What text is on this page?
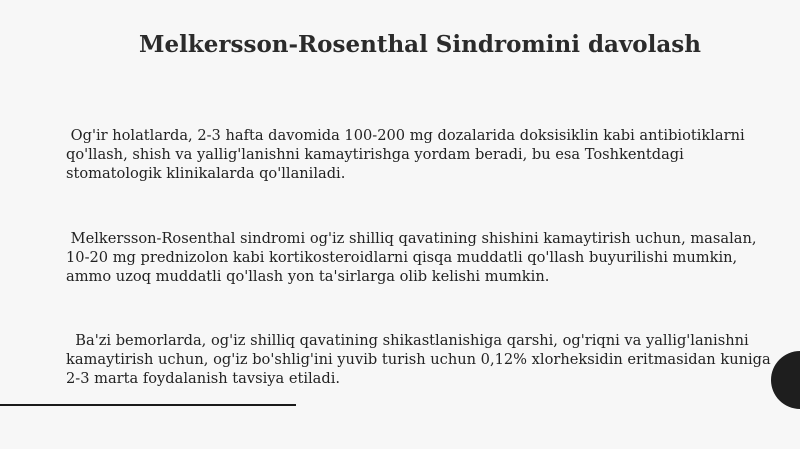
Melkersson-Rosenthal Sindromini davolash
Og'ir holatlarda, 2-3 hafta davomida 100-200 mg dozalarida doksisiklin kabi antibiotiklarni qo'llash, shish va yallig'lanishni kamaytirishga yordam beradi, bu esa Toshkentdagi stomatologik klinikalarda qo'llaniladi.
Melkersson-Rosenthal sindromi og'iz shilliq qavatining shishini kamaytirish uchun, masalan, 10-20 mg prednizolon kabi kortikosteroidlarni qisqa muddatli qo'llash buyurilishi mumkin, ammo uzoq muddatli qo'llash yon ta'sirlarga olib kelishi mumkin.
Ba'zi bemorlarda, og'iz shilliq qavatining shikastlanishiga qarshi, og'riqni va yallig'lanishni kamaytirish uchun, og'iz bo'shlig'ini yuvib turish uchun 0,12% xlorheksidin eritmasidan kuniga 2-3 marta foydalanish tavsiya etiladi.
